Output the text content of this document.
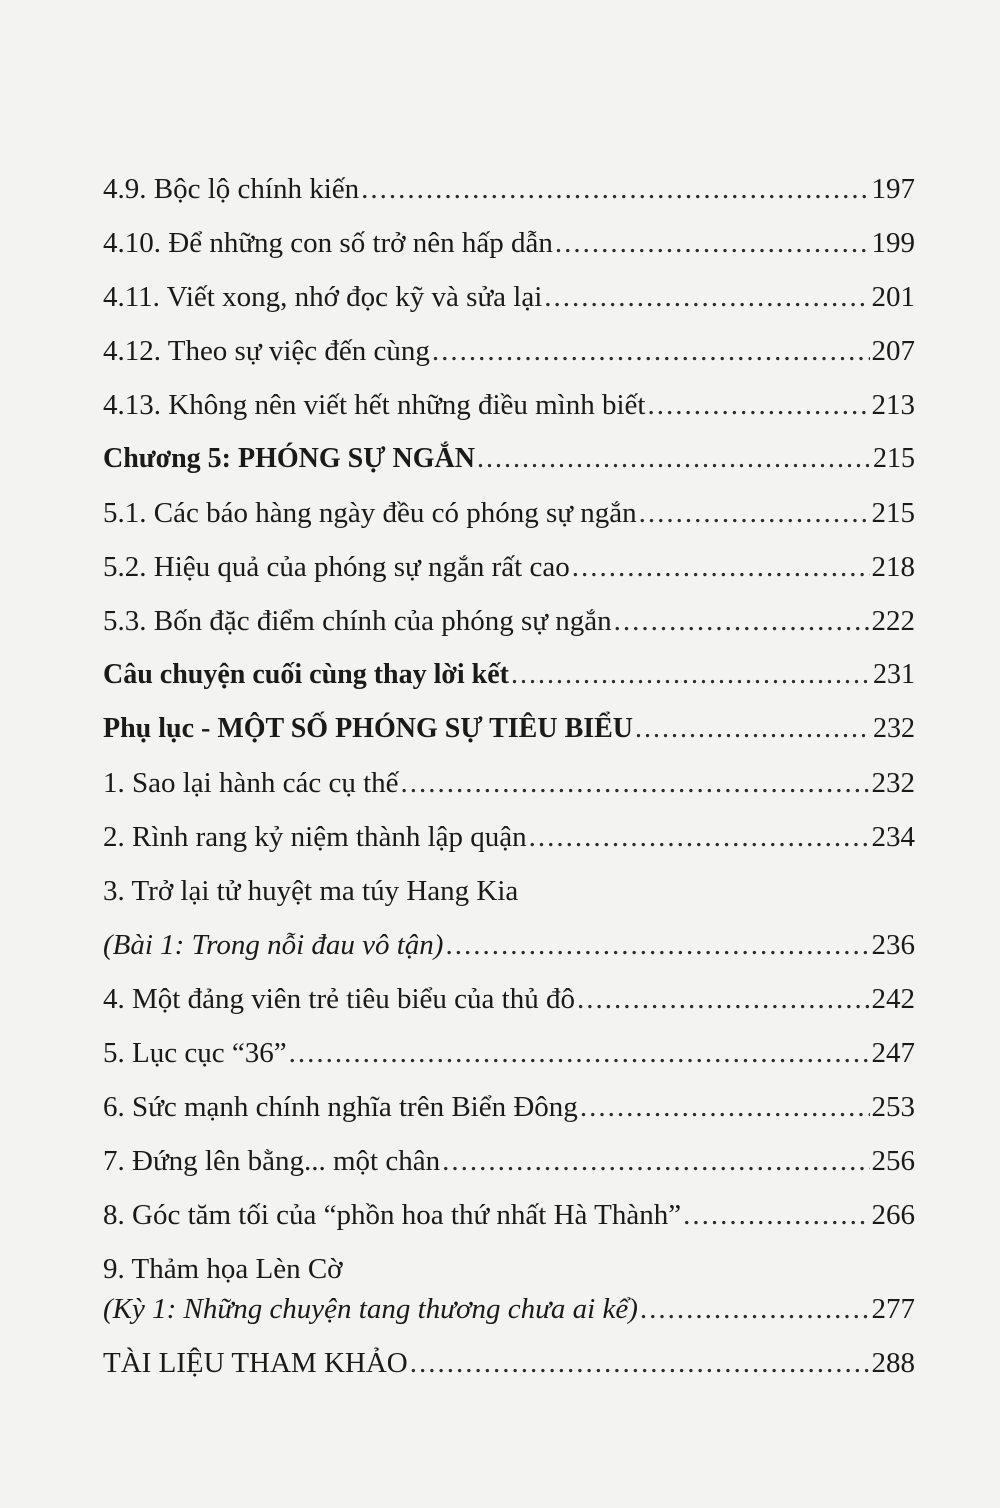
4.9. Bộc lộ chính kiến .....	197
4.10. Để những con số trở nên hấp dẫn .....	199
4.11. Viết xong, nhớ đọc kỹ và sửa lại .....	201
4.12. Theo sự việc đến cùng .....	207
4.13. Không nên viết hết những điều mình biết .....	213
Chương 5: PHÓNG SỰ NGẮN .....	215
5.1. Các báo hàng ngày đều có phóng sự ngắn .....	215
5.2. Hiệu quả của phóng sự ngắn rất cao .....	218
5.3. Bốn đặc điểm chính của phóng sự ngắn .....	222
Câu chuyện cuối cùng thay lời kết .....	231
Phụ lục - MỘT SỐ PHÓNG SỰ TIÊU BIỂU .....	232
1. Sao lại hành các cụ thế .....	232
2. Rình rang kỷ niệm thành lập quận .....	234
3. Trở lại tử huyệt ma túy Hang Kia
(Bài 1: Trong nỗi đau vô tận) .....	236
4. Một đảng viên trẻ tiêu biểu của thủ đô .....	242
5. Lục cục “36” .....	247
6. Sức mạnh chính nghĩa trên Biển Đông .....	253
7. Đứng lên bằng... một chân .....	256
8. Góc tăm tối của “phồn hoa thứ nhất Hà Thành” .....	266
9. Thảm họa Lèn Cờ
(Kỳ 1: Những chuyện tang thương chưa ai kể) .....	277
TÀI LIỆU THAM KHẢO .....	288
